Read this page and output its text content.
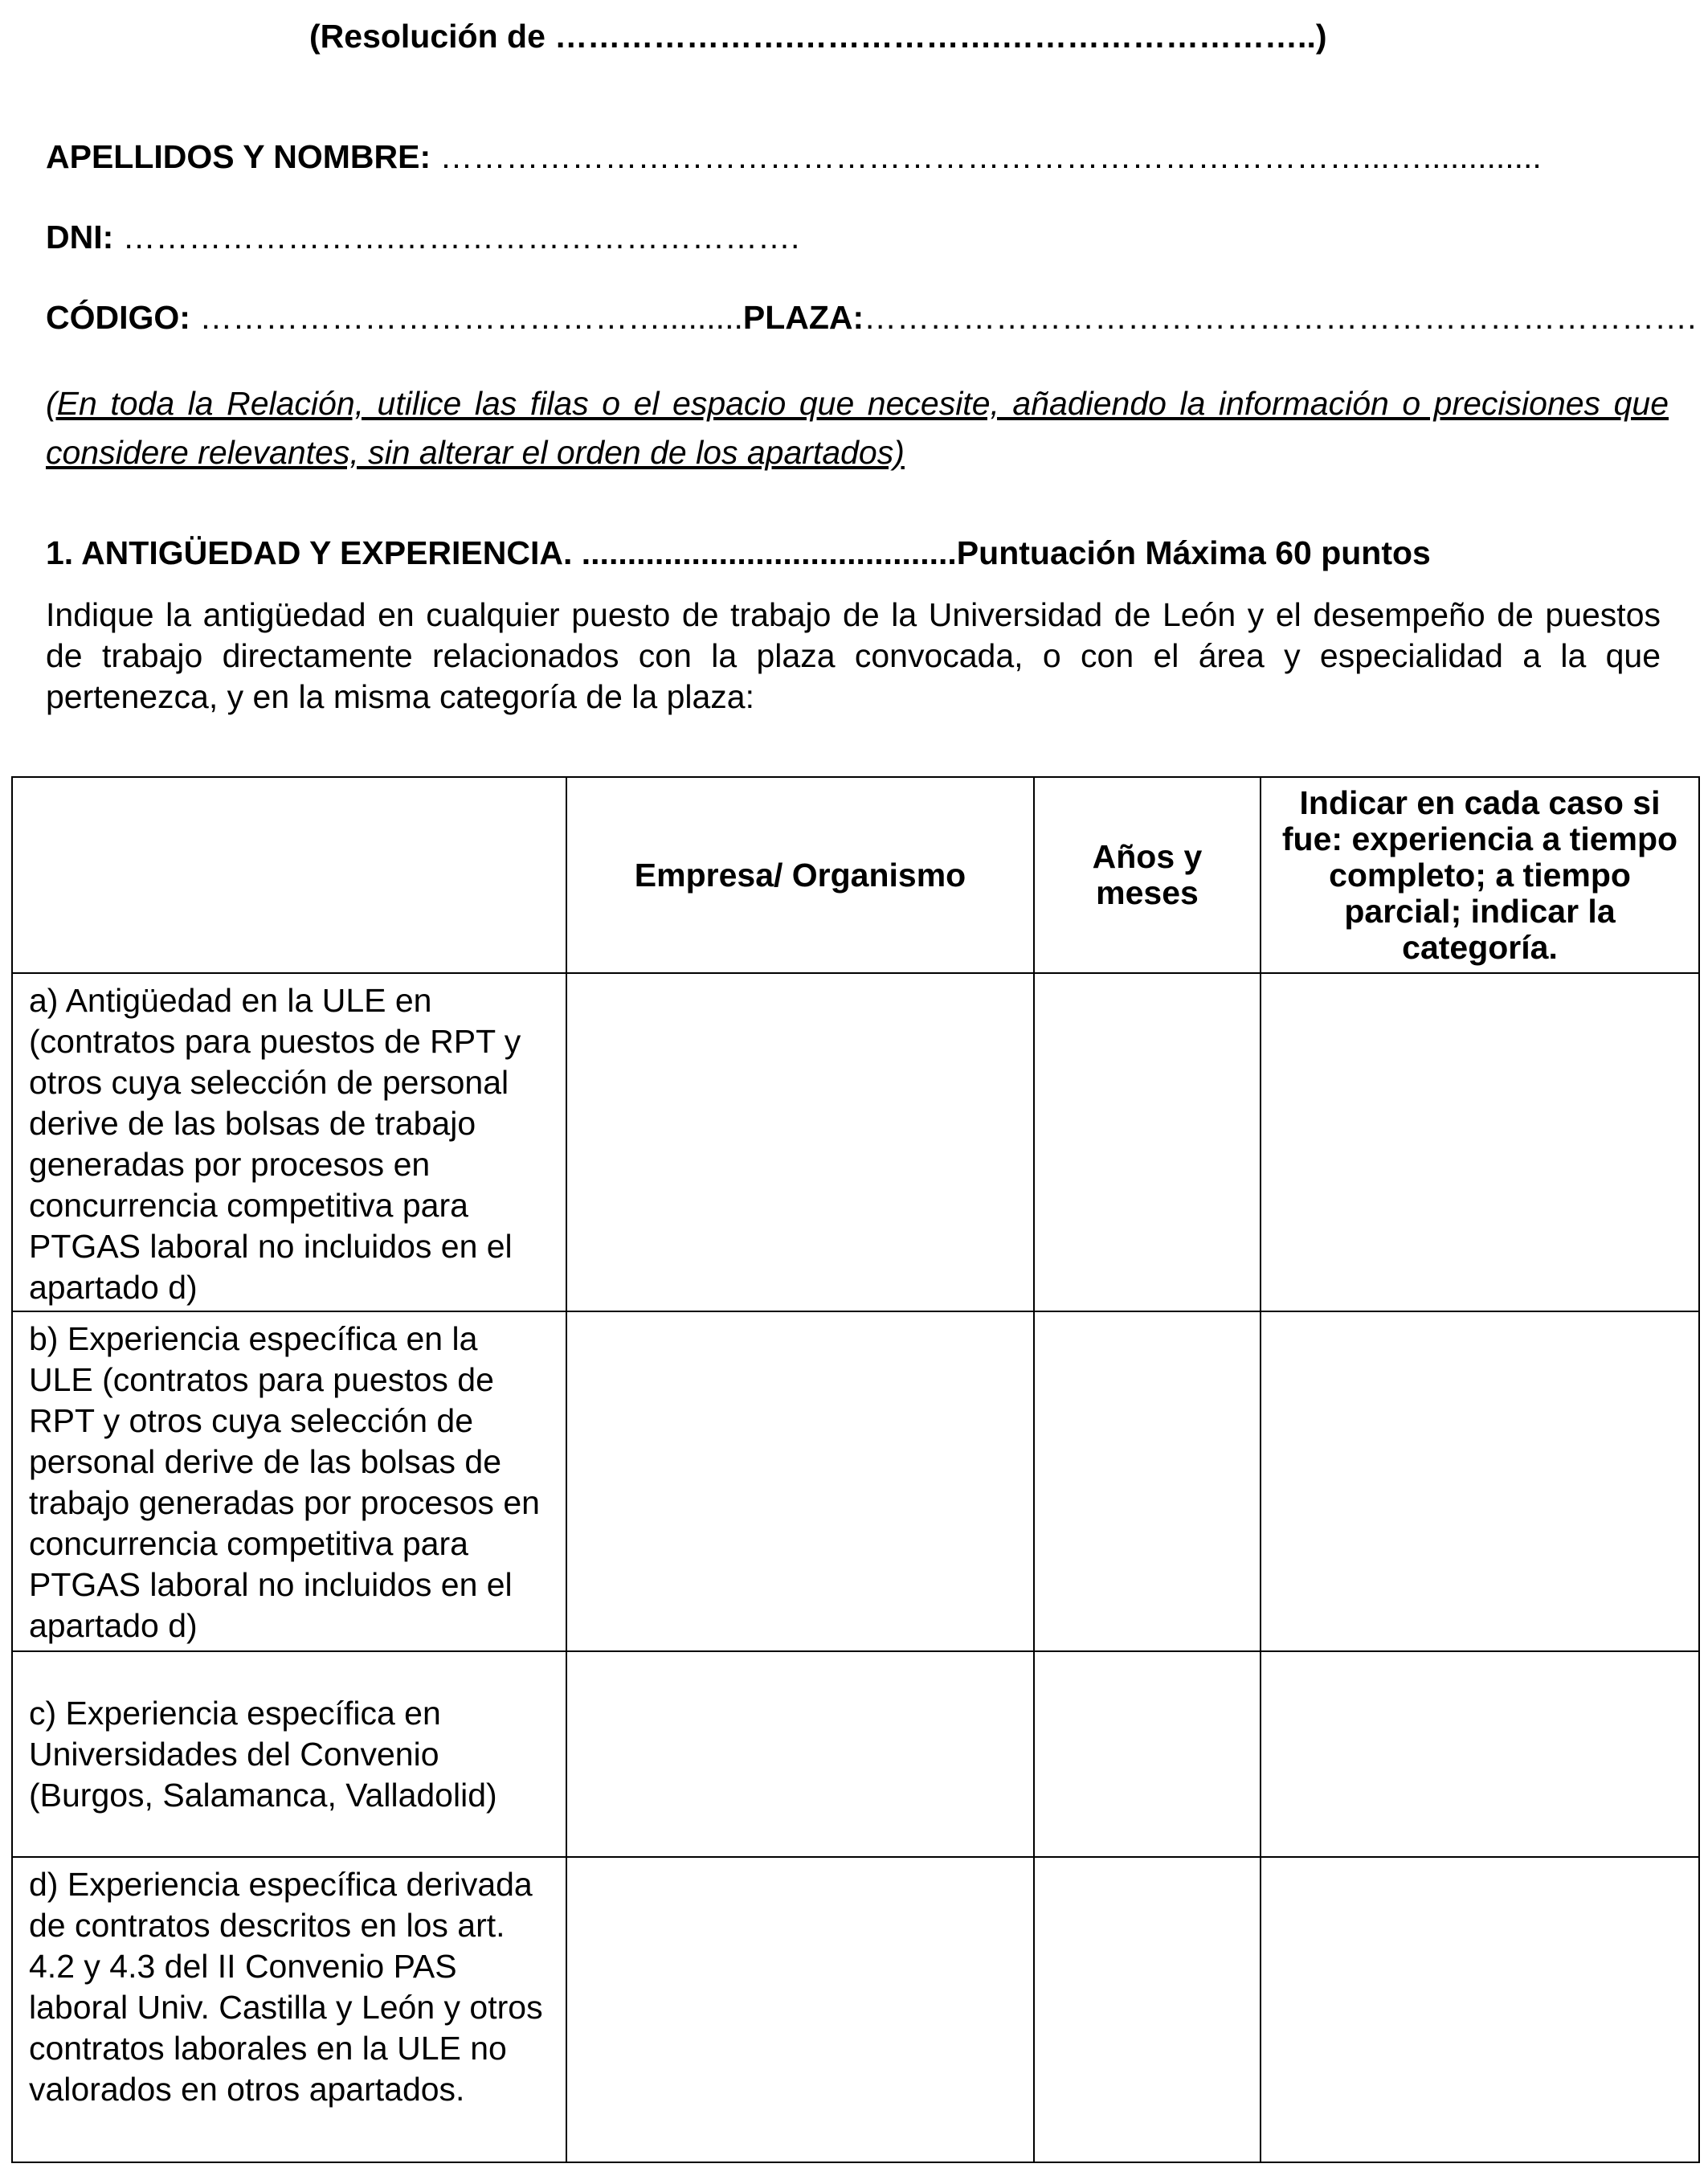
(Resolución de ………………….……………….………………………..)
APELLIDOS Y NOMBRE: …………………………………………………………………………...….............
DNI: …………………….……………………………….
CÓDIGO: …………………………………….........PLAZA:………………………………………………………………….
(En toda la Relación, utilice las filas o el espacio que necesite, añadiendo la información o precisiones que considere relevantes, sin alterar el orden de los apartados)
1. ANTIGÜEDAD Y EXPERIENCIA. .........................................Puntuación Máxima 60 puntos
Indique la antigüedad en cualquier puesto de trabajo de la Universidad de León y el desempeño de puestos de trabajo directamente relacionados con la plaza convocada, o con el área y especialidad a la que pertenezca, y en la misma categoría de la plaza:
	Empresa/ Organismo	Años y meses	Indicar en cada caso si fue: experiencia a tiempo completo; a tiempo parcial; indicar la categoría.
a) Antigüedad en la ULE en (contratos para puestos de RPT y otros cuya selección de personal derive de las bolsas de trabajo generadas por procesos en concurrencia competitiva para PTGAS laboral no incluidos en el apartado d)			
b) Experiencia específica en la ULE (contratos para puestos de RPT y otros cuya selección de personal derive de las bolsas de trabajo generadas por procesos en concurrencia competitiva para PTGAS laboral no incluidos en el apartado d)			
c) Experiencia específica en Universidades del Convenio (Burgos, Salamanca, Valladolid)			
d) Experiencia específica derivada de contratos descritos en los art. 4.2 y 4.3 del II Convenio PAS laboral Univ. Castilla y León y otros contratos laborales en la ULE no valorados en otros apartados.			
